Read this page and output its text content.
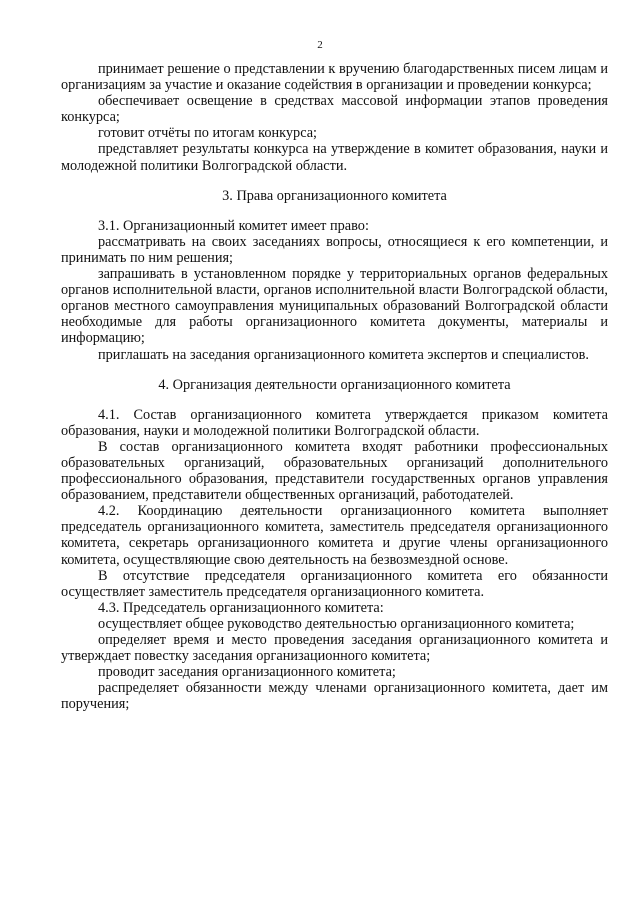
2

принимает решение о представлении к вручению благодарственных писем лицам и организациям за участие и оказание содействия в организации и проведении конкурса;

обеспечивает освещение в средствах массовой информации этапов проведения конкурса;

готовит отчёты по итогам конкурса;

представляет результаты конкурса на утверждение в комитет образования, науки и молодежной политики Волгоградской области.

3. Права организационного комитета

3.1. Организационный комитет имеет право:

рассматривать на своих заседаниях вопросы, относящиеся к его компетенции, и принимать по ним решения;

запрашивать в установленном порядке у территориальных органов федеральных органов исполнительной власти, органов исполнительной власти Волгоградской области, органов местного самоуправления муниципальных образований Волгоградской области необходимые для работы организационного комитета документы, материалы и информацию;

приглашать на заседания организационного комитета экспертов и специалистов.

4. Организация деятельности организационного комитета

4.1. Состав организационного комитета утверждается приказом комитета образования, науки и молодежной политики Волгоградской области.

В состав организационного комитета входят работники профессиональных образовательных организаций, образовательных организаций дополнительного профессионального образования, представители государственных органов управления образованием, представители общественных организаций, работодателей.

4.2. Координацию деятельности организационного комитета выполняет председатель организационного комитета, заместитель председателя организационного комитета, секретарь организационного комитета и другие члены организационного комитета, осуществляющие свою деятельность на безвозмездной основе.

В отсутствие председателя организационного комитета его обязанности осуществляет заместитель председателя организационного комитета.

4.3. Председатель организационного комитета:

осуществляет общее руководство деятельностью организационного комитета;

определяет время и место проведения заседания организационного комитета и утверждает повестку заседания организационного комитета;

проводит заседания организационного комитета;

распределяет обязанности между членами организационного комитета, дает им поручения;
